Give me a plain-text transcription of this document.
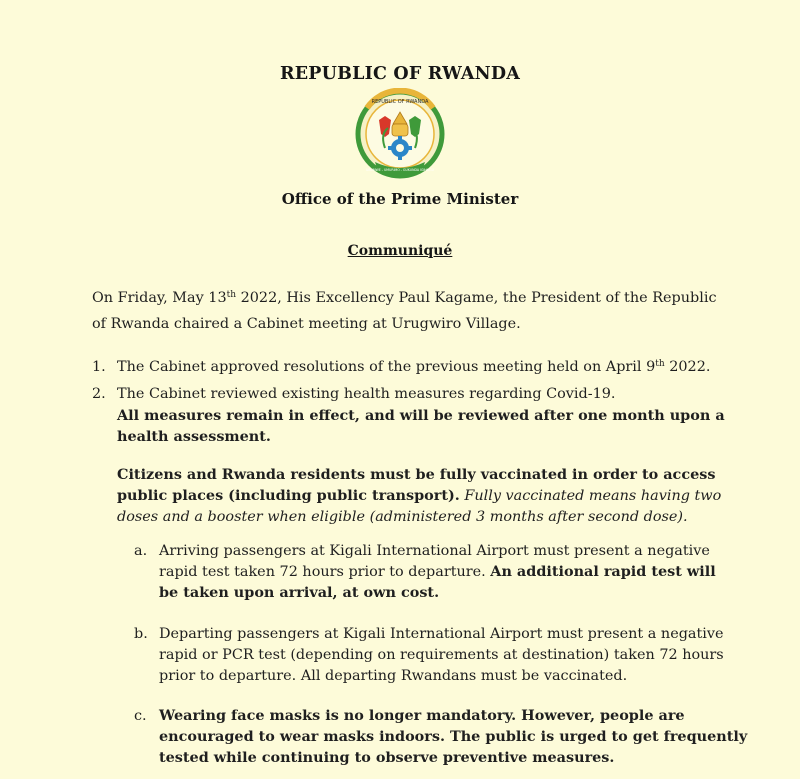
REPUBLIC OF RWANDA
REPUBLIC OF RWANDA
UBUMWE - UMURIMO - GUKUNDA IGIHUGU
Office of the Prime Minister
Communiqué

On Friday, May 13th 2022, His Excellency Paul Kagame, the President of the Republic

of Rwanda chaired a Cabinet meeting at Urugwiro Village.

1. The Cabinet approved resolutions of the previous meeting held on April 9th 2022.

2. The Cabinet reviewed existing health measures regarding Covid-19.

All measures remain in effect, and will be reviewed after one month upon a

health assessment.

Citizens and Rwanda residents must be fully vaccinated in order to access

public places (including public transport). Fully vaccinated means having two

doses and a booster when eligible (administered 3 months after second dose).

a. Arriving passengers at Kigali International Airport must present a negative

rapid test taken 72 hours prior to departure. An additional rapid test will

be taken upon arrival, at own cost.

b. Departing passengers at Kigali International Airport must present a negative

rapid or PCR test (depending on requirements at destination) taken 72 hours

prior to departure. All departing Rwandans must be vaccinated.

c. Wearing face masks is no longer mandatory. However, people are

encouraged to wear masks indoors. The public is urged to get frequently

tested while continuing to observe preventive measures.
